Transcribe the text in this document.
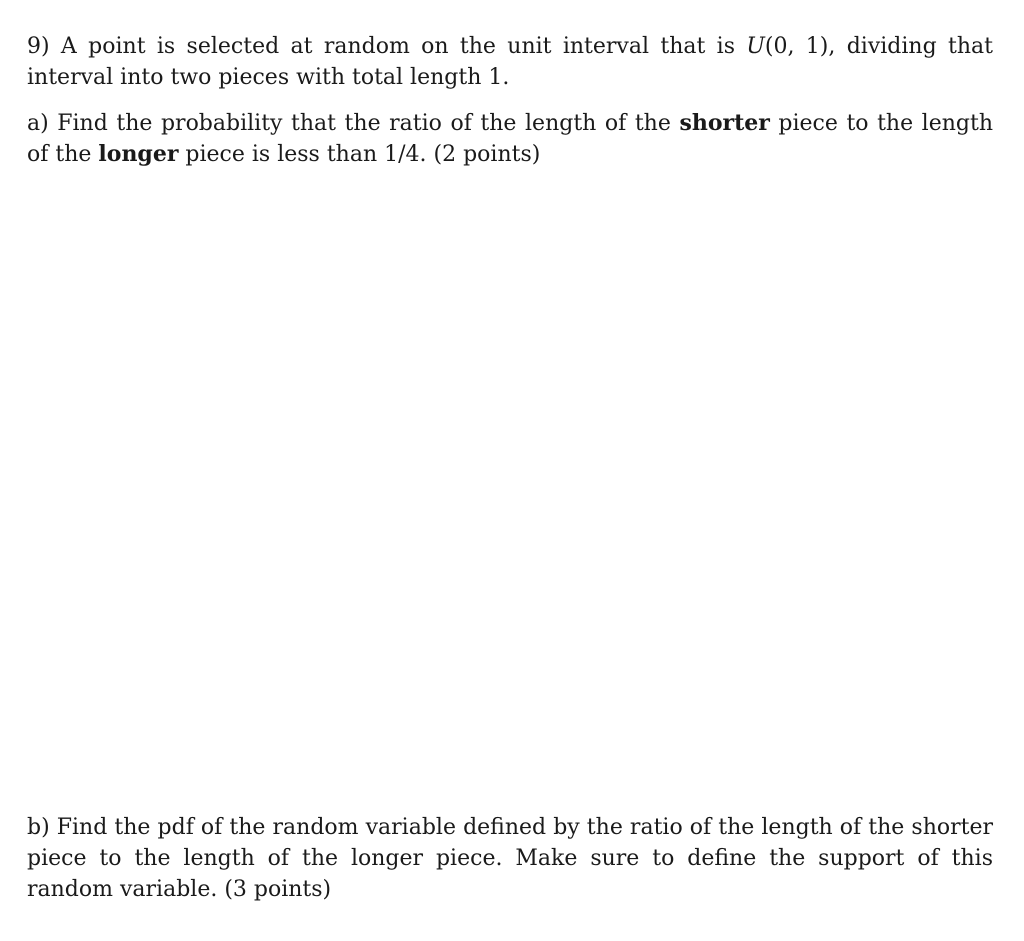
9) A point is selected at random on the unit interval that is U(0, 1), dividing that interval into two pieces with total length 1.
a) Find the probability that the ratio of the length of the shorter piece to the length of the longer piece is less than 1/4. (2 points)
b) Find the pdf of the random variable defined by the ratio of the length of the shorter piece to the length of the longer piece. Make sure to define the support of this random variable. (3 points)
